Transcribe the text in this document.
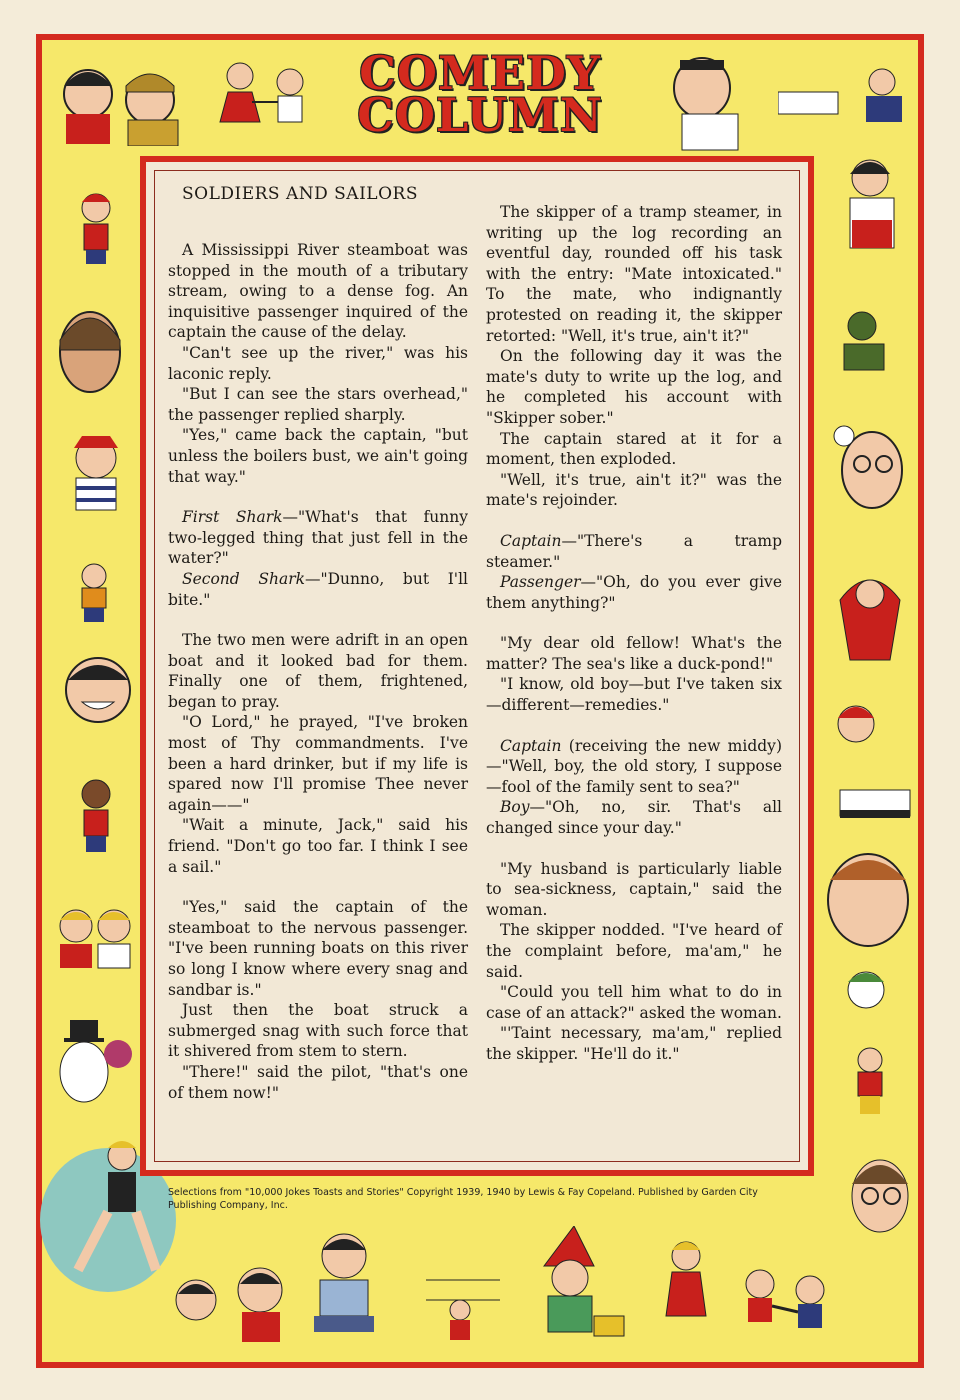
COMEDY
COLUMN

SOLDIERS AND SAILORS

A Mississippi River steamboat was stopped in the mouth of a tributary stream, owing to a dense fog. An inquisitive passenger inquired of the captain the cause of the delay.

"Can't see up the river," was his laconic reply.

"But I can see the stars overhead," the passenger replied sharply.

"Yes," came back the captain, "but unless the boilers bust, we ain't going that way."

First Shark—"What's that funny two-legged thing that just fell in the water?"

Second Shark—"Dunno, but I'll bite."

The two men were adrift in an open boat and it looked bad for them. Finally one of them, frightened, began to pray.

"O Lord," he prayed, "I've broken most of Thy commandments. I've been a hard drinker, but if my life is spared now I'll promise Thee never again——"

"Wait a minute, Jack," said his friend. "Don't go too far. I think I see a sail."

"Yes," said the captain of the steamboat to the nervous passenger. "I've been running boats on this river so long I know where every snag and sandbar is."

Just then the boat struck a submerged snag with such force that it shivered from stem to stern.

"There!" said the pilot, "that's one of them now!"

The skipper of a tramp steamer, in writing up the log recording an eventful day, rounded off his task with the entry: "Mate intoxicated." To the mate, who indignantly protested on reading it, the skipper retorted: "Well, it's true, ain't it?"

On the following day it was the mate's duty to write up the log, and he completed his account with "Skipper sober."

The captain stared at it for a moment, then exploded.

"Well, it's true, ain't it?" was the mate's rejoinder.

Captain—"There's a tramp steamer."

Passenger—"Oh, do you ever give them anything?"

"My dear old fellow! What's the matter? The sea's like a duck-pond!"

"I know, old boy—but I've taken six—different—remedies."

Captain (receiving the new middy)—"Well, boy, the old story, I suppose—fool of the family sent to sea?"

Boy—"Oh, no, sir. That's all changed since your day."

"My husband is particularly liable to sea-sickness, captain," said the woman.

The skipper nodded. "I've heard of the complaint before, ma'am," he said.

"Could you tell him what to do in case of an attack?" asked the woman.

"'Taint necessary, ma'am," replied the skipper. "He'll do it."

Selections from "10,000 Jokes Toasts and Stories" Copyright 1939, 1940 by Lewis & Fay Copeland. Published by Garden City Publishing Company, Inc.
